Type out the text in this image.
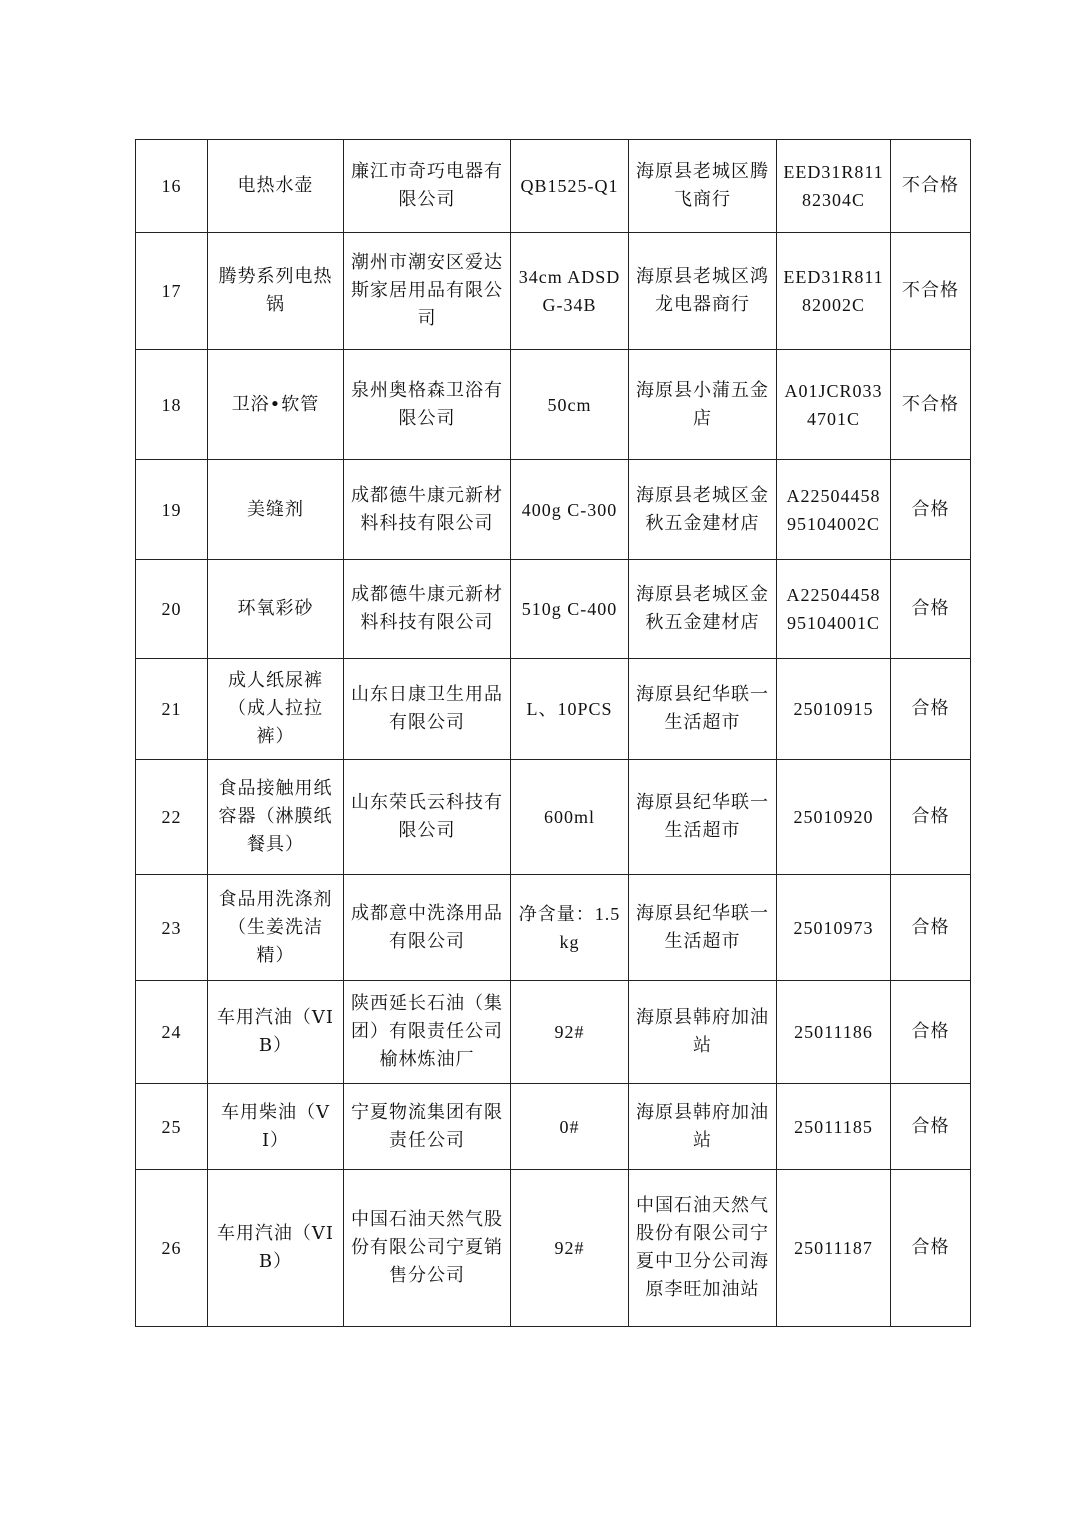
16	电热水壶	廉江市奇巧电器有限公司	QB1525-Q1	海原县老城区腾飞商行	EED31R81182304C	不合格
17	腾势系列电热锅	潮州市潮安区爱达斯家居用品有限公司	34cm ADSDG-34B	海原县老城区鸿龙电器商行	EED31R81182002C	不合格
18	卫浴•软管	泉州奥格森卫浴有限公司	50cm	海原县小蒲五金店	A01JCR0334701C	不合格
19	美缝剂	成都德牛康元新材料科技有限公司	400g C-300	海原县老城区金秋五金建材店	A2250445895104002C	合格
20	环氧彩砂	成都德牛康元新材料科技有限公司	510g C-400	海原县老城区金秋五金建材店	A2250445895104001C	合格
21	成人纸尿裤（成人拉拉裤）	山东日康卫生用品有限公司	L、10PCS	海原县纪华联一生活超市	25010915	合格
22	食品接触用纸容器（淋膜纸餐具）	山东荣氏云科技有限公司	600ml	海原县纪华联一生活超市	25010920	合格
23	食品用洗涤剂（生姜洗洁精）	成都意中洗涤用品有限公司	净含量：1.5kg	海原县纪华联一生活超市	25010973	合格
24	车用汽油（VIB）	陕西延长石油（集团）有限责任公司榆林炼油厂	92#	海原县韩府加油站	25011186	合格
25	车用柴油（VI）	宁夏物流集团有限责任公司	0#	海原县韩府加油站	25011185	合格
26	车用汽油（VIB）	中国石油天然气股份有限公司宁夏销售分公司	92#	中国石油天然气股份有限公司宁夏中卫分公司海原李旺加油站	25011187	合格
